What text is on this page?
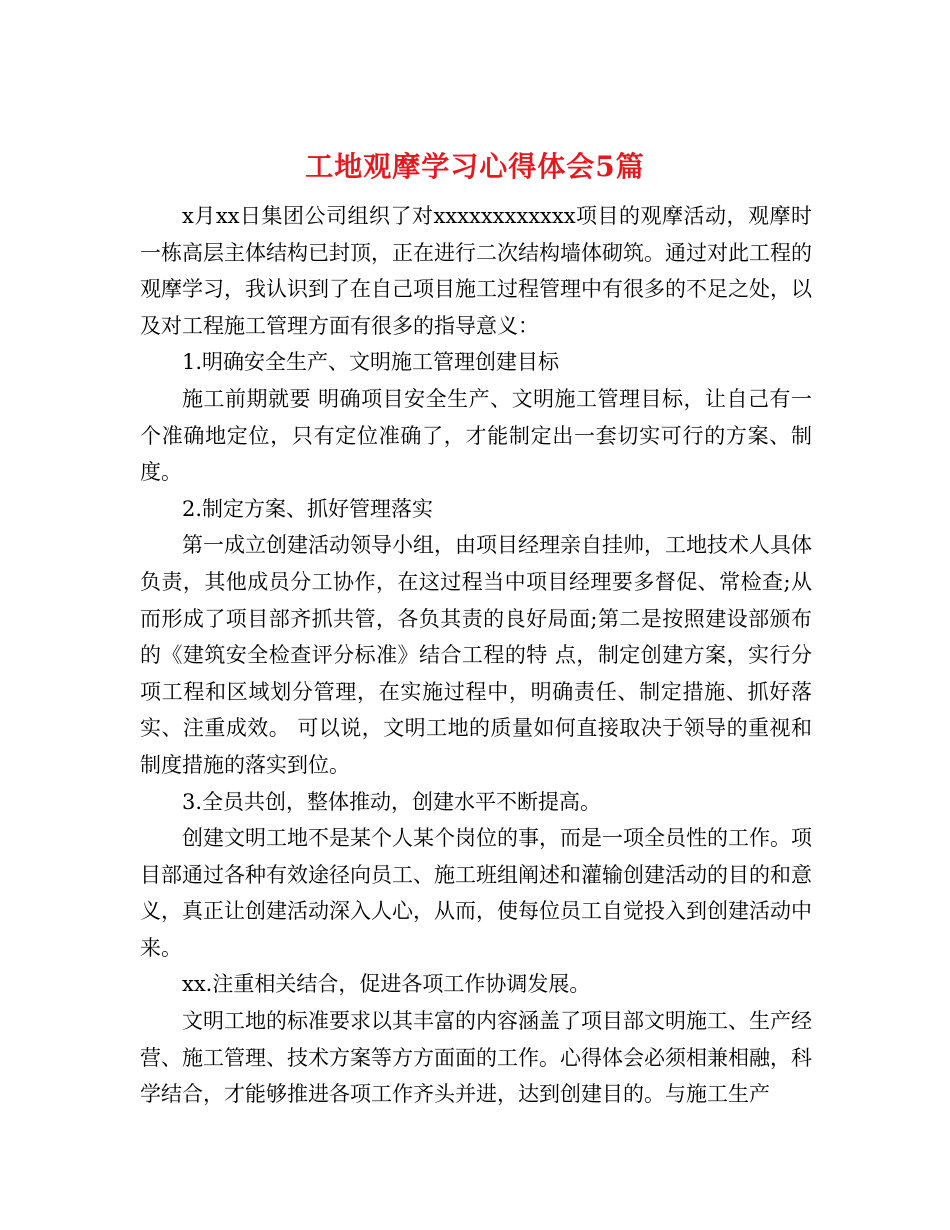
工地观摩学习心得体会5篇

x月xx日集团公司组织了对xxxxxxxxxxxx项目的观摩活动，观摩时一栋高层主体结构已封顶，正在进行二次结构墙体砌筑。通过对此工程的观摩学习，我认识到了在自己项目施工过程管理中有很多的不足之处，以及对工程施工管理方面有很多的指导意义：

1.明确安全生产、文明施工管理创建目标

施工前期就要 明确项目安全生产、文明施工管理目标，让自己有一个准确地定位，只有定位准确了，才能制定出一套切实可行的方案、制度。

2.制定方案、抓好管理落实

第一成立创建活动领导小组，由项目经理亲自挂帅，工地技术人具体负责，其他成员分工协作，在这过程当中项目经理要多督促、常检查;从而形成了项目部齐抓共管，各负其责的良好局面;第二是按照建设部颁布的《建筑安全检查评分标准》结合工程的特 点，制定创建方案，实行分项工程和区域划分管理，在实施过程中，明确责任、制定措施、抓好落实、注重成效。 可以说，文明工地的质量如何直接取决于领导的重视和制度措施的落实到位。

3.全员共创，整体推动，创建水平不断提高。

创建文明工地不是某个人某个岗位的事，而是一项全员性的工作。项目部通过各种有效途径向员工、施工班组阐述和灌输创建活动的目的和意义，真正让创建活动深入人心，从而，使每位员工自觉投入到创建活动中来。

xx.注重相关结合，促进各项工作协调发展。

文明工地的标准要求以其丰富的内容涵盖了项目部文明施工、生产经营、施工管理、技术方案等方方面面的工作。心得体会必须相兼相融，科学结合，才能够推进各项工作齐头并进，达到创建目的。与施工生产
